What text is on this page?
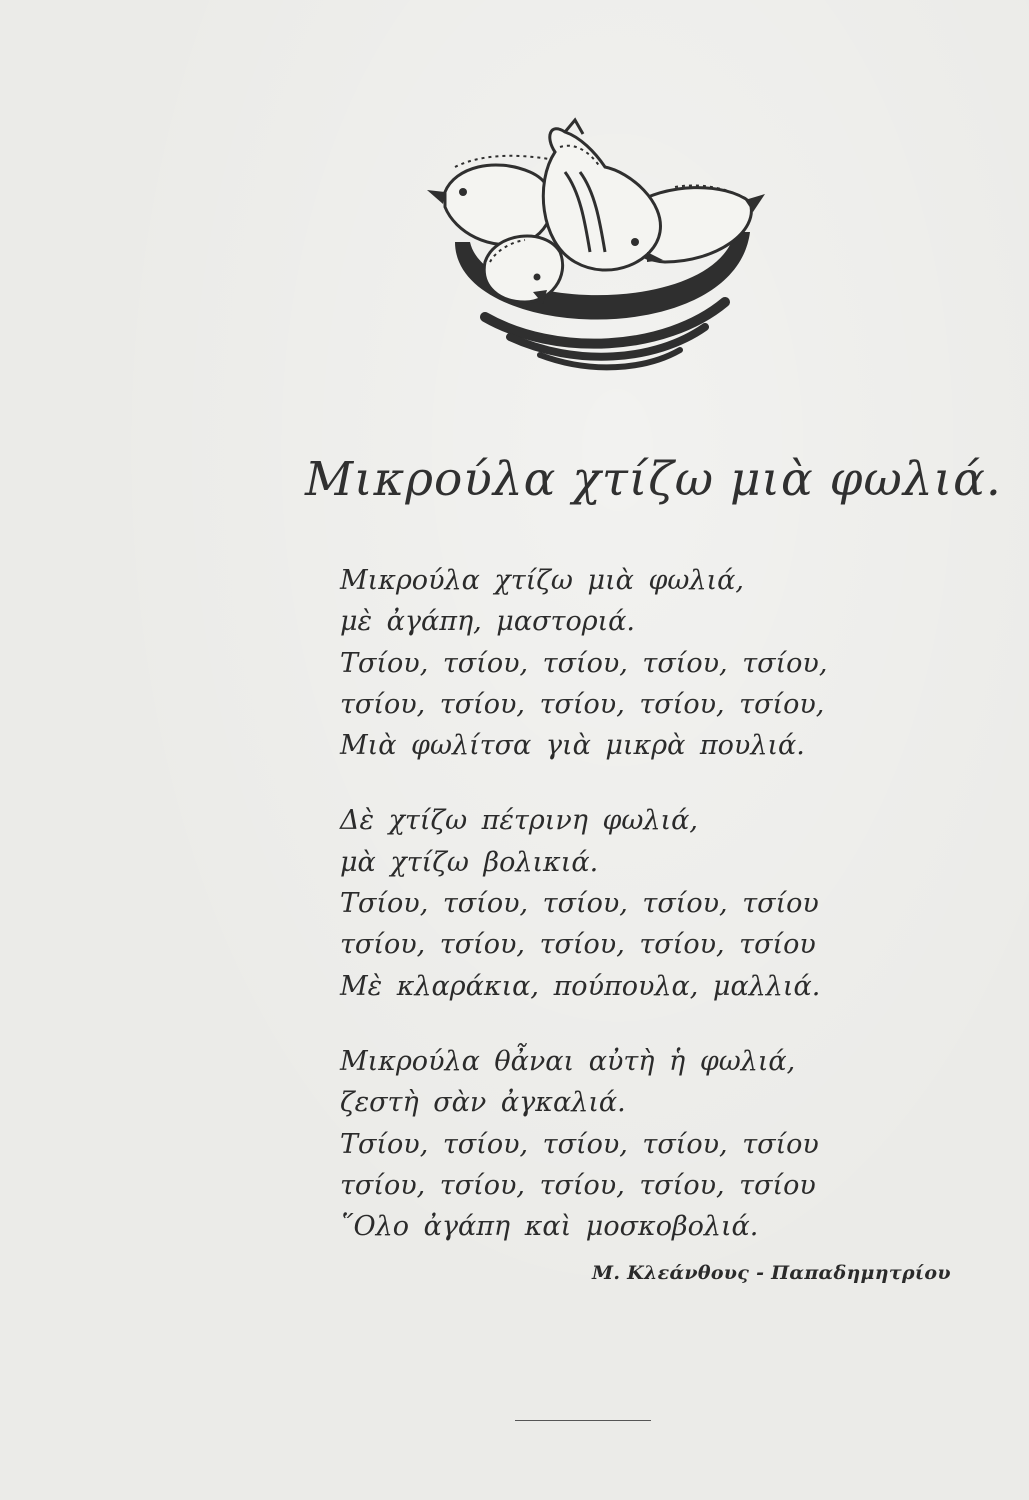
Μικρούλα χτίζω μιὰ φωλιά.
Μικρούλα χτίζω μιὰ φωλιά,
μὲ ἀγάπη, μαστοριά.
Τσίου, τσίου, τσίου, τσίου, τσίου,
τσίου, τσίου, τσίου, τσίου, τσίου,
Μιὰ φωλίτσα γιὰ μικρὰ πουλιά.
Δὲ χτίζω πέτρινη φωλιά,
μὰ χτίζω βολικιά.
Τσίου, τσίου, τσίου, τσίου, τσίου
τσίου, τσίου, τσίου, τσίου, τσίου
Μὲ κλαράκια, πούπουλα, μαλλιά.
Μικρούλα θἆναι αὐτὴ ἡ φωλιά,
ζεστὴ σὰν ἀγκαλιά.
Τσίου, τσίου, τσίου, τσίου, τσίου
τσίου, τσίου, τσίου, τσίου, τσίου
῞Ολο ἀγάπη καὶ μοσκοβολιά.
Μ. Κλεάνθους - Παπαδημητρίου
